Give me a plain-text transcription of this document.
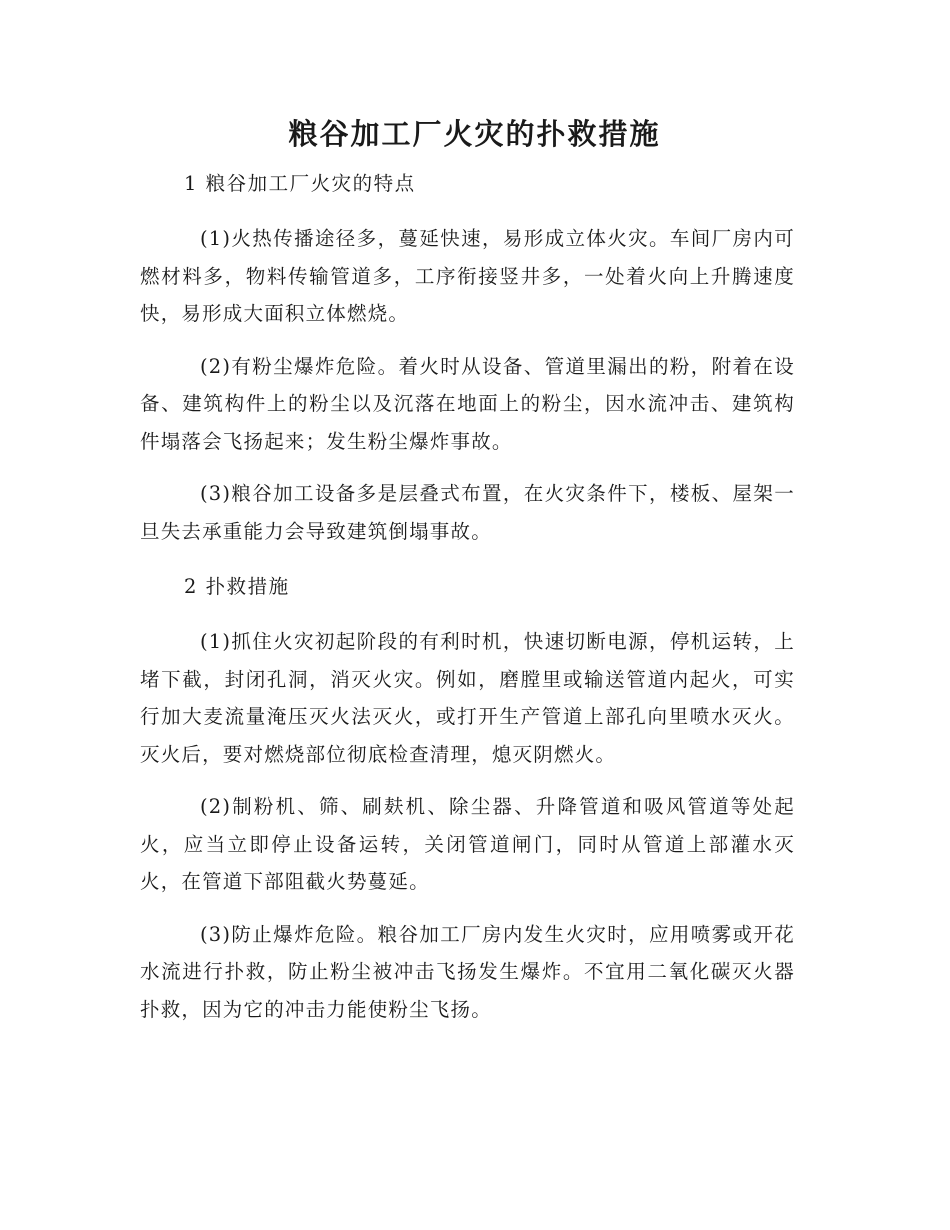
粮谷加工厂火灾的扑救措施
1 粮谷加工厂火灾的特点

(1)火热传播途径多，蔓延快速，易形成立体火灾。车间厂房内可燃材料多，物料传输管道多，工序衔接竖井多，一处着火向上升腾速度快，易形成大面积立体燃烧。

(2)有粉尘爆炸危险。着火时从设备、管道里漏出的粉，附着在设备、建筑构件上的粉尘以及沉落在地面上的粉尘，因水流冲击、建筑构件塌落会飞扬起来；发生粉尘爆炸事故。

(3)粮谷加工设备多是层叠式布置，在火灾条件下，楼板、屋架一旦失去承重能力会导致建筑倒塌事故。

2 扑救措施

(1)抓住火灾初起阶段的有利时机，快速切断电源，停机运转，上堵下截，封闭孔洞，消灭火灾。例如，磨膛里或输送管道内起火，可实行加大麦流量淹压灭火法灭火，或打开生产管道上部孔向里喷水灭火。灭火后，要对燃烧部位彻底检查清理，熄灭阴燃火。

(2)制粉机、筛、刷麸机、除尘器、升降管道和吸风管道等处起火，应当立即停止设备运转，关闭管道闸门，同时从管道上部灌水灭火，在管道下部阻截火势蔓延。

(3)防止爆炸危险。粮谷加工厂房内发生火灾时，应用喷雾或开花水流进行扑救，防止粉尘被冲击飞扬发生爆炸。不宜用二氧化碳灭火器扑救，因为它的冲击力能使粉尘飞扬。
